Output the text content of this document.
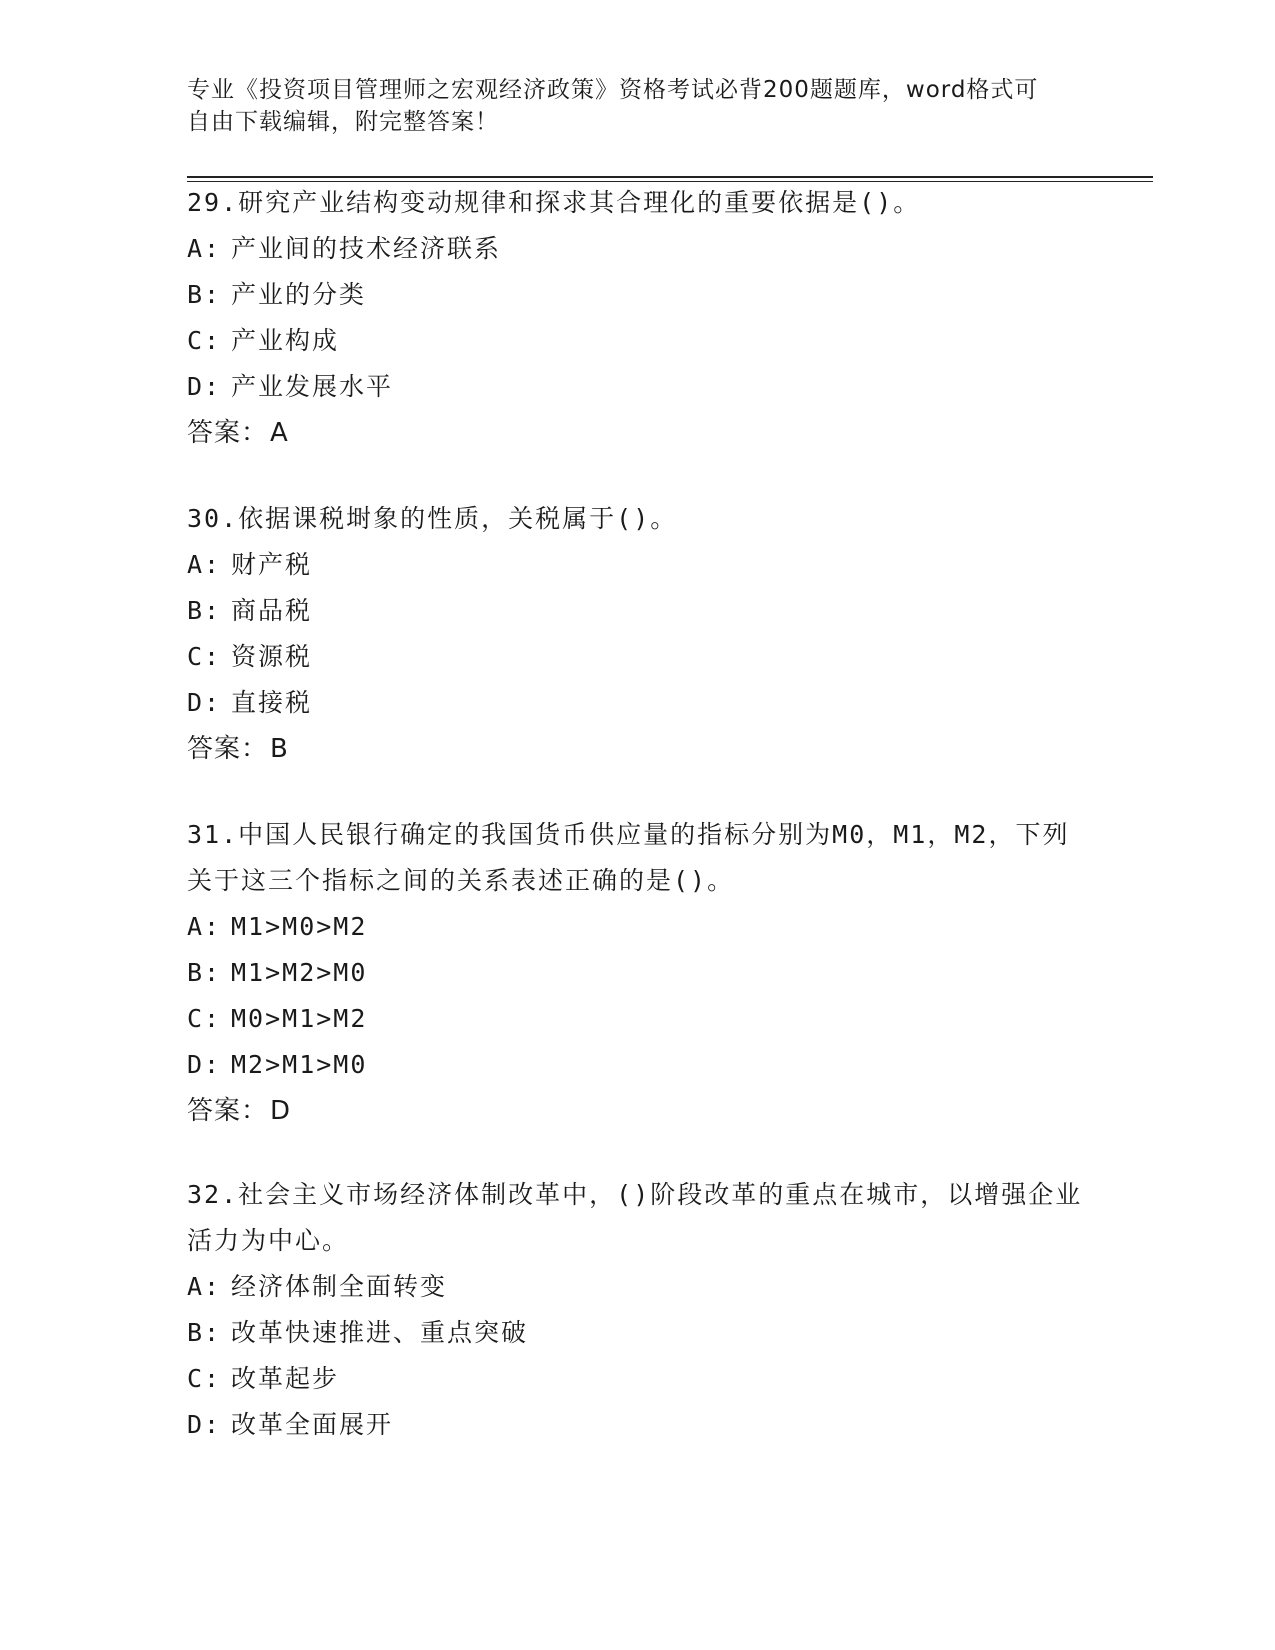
专业《投资项目管理师之宏观经济政策》资格考试必背200题题库，word格式可
自由下载编辑，附完整答案！

29.研究产业结构变动规律和探求其合理化的重要依据是()。

A: 产业间的技术经济联系

B: 产业的分类

C: 产业构成

D: 产业发展水平

答案：A

30.依据课税埘象的性质，关税属于()。

A: 财产税

B: 商品税

C: 资源税

D: 直接税

答案：B

31.中国人民银行确定的我国货币供应量的指标分别为M0，M1，M2，下列关于这三个指标之间的关系表述正确的是()。

A: M1>M0>M2

B: M1>M2>M0

C: M0>M1>M2

D: M2>M1>M0

答案：D

32.社会主义市场经济体制改革中，()阶段改革的重点在城市，以增强企业活力为中心。

A: 经济体制全面转变

B: 改革快速推进、重点突破

C: 改革起步

D: 改革全面展开
